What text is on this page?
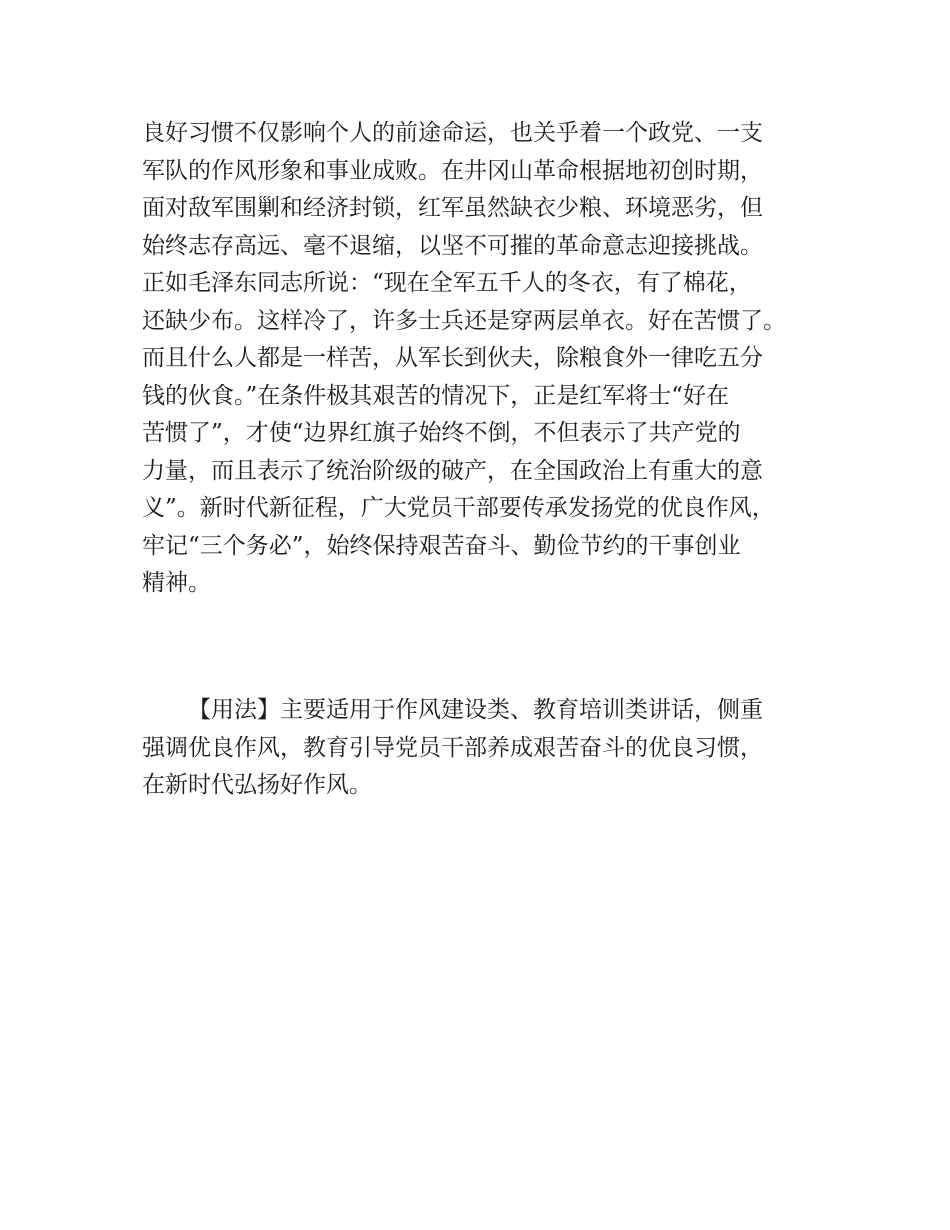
良好习惯不仅影响个人的前途命运，也关乎着一个政党、一支
军队的作风形象和事业成败。在井冈山革命根据地初创时期，
面对敌军围剿和经济封锁，红军虽然缺衣少粮、环境恶劣，但
始终志存高远、毫不退缩，以坚不可摧的革命意志迎接挑战。
正如毛泽东同志所说：“现在全军五千人的冬衣，有了棉花，
还缺少布。这样冷了，许多士兵还是穿两层单衣。好在苦惯了。
而且什么人都是一样苦，从军长到伙夫，除粮食外一律吃五分
钱的伙食。”在条件极其艰苦的情况下，正是红军将士“好在
苦惯了”，才使“边界红旗子始终不倒，不但表示了共产党的
力量，而且表示了统治阶级的破产，在全国政治上有重大的意
义”。新时代新征程，广大党员干部要传承发扬党的优良作风，
牢记“三个务必”，始终保持艰苦奋斗、勤俭节约的干事创业
精神。
【用法】主要适用于作风建设类、教育培训类讲话，侧重
强调优良作风，教育引导党员干部养成艰苦奋斗的优良习惯，
在新时代弘扬好作风。
